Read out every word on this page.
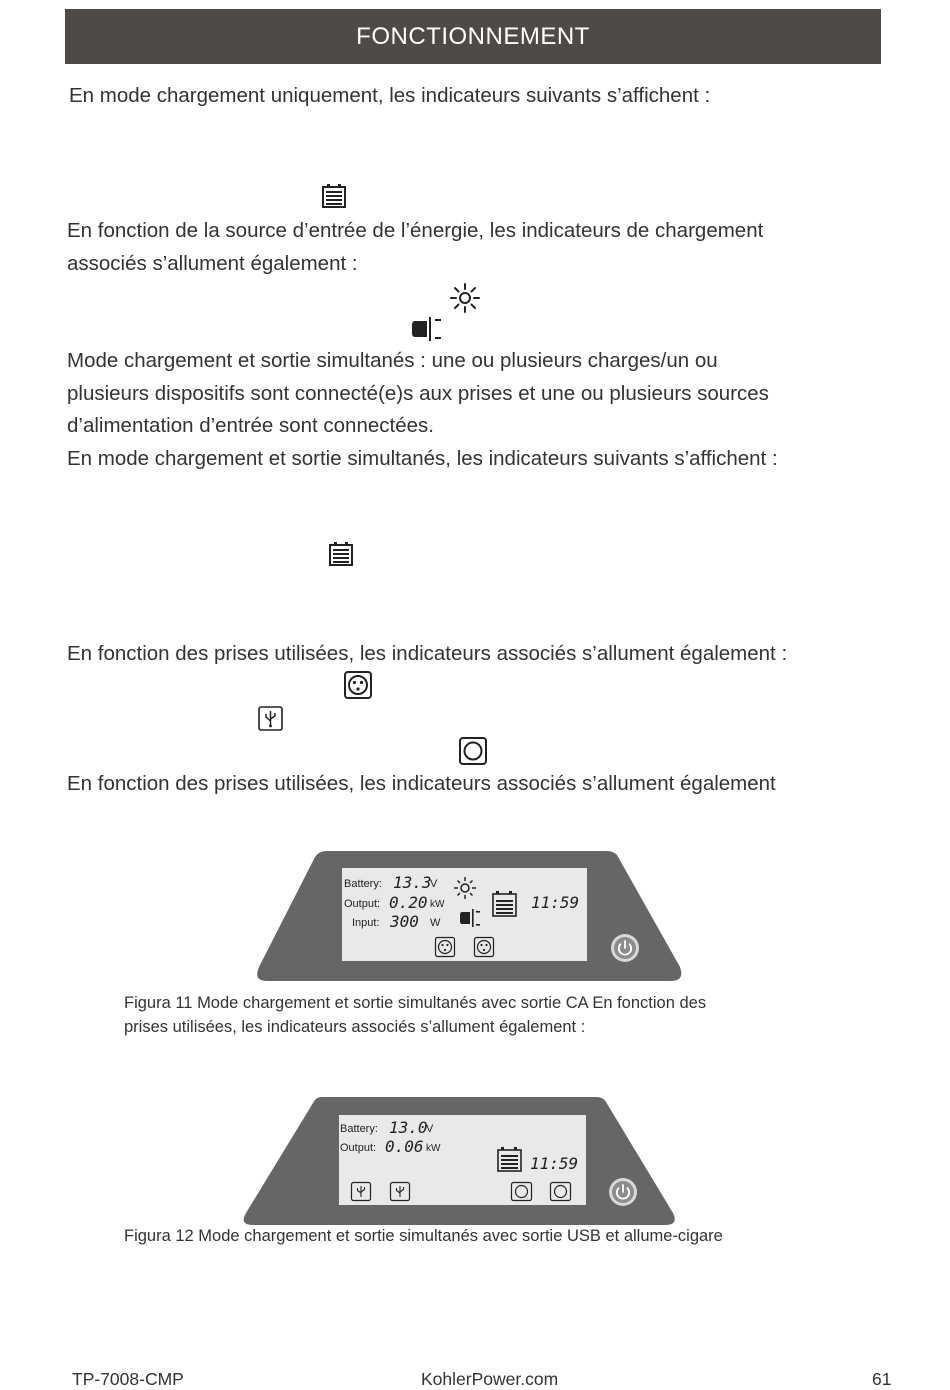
FONCTIONNEMENT
En mode chargement uniquement, les indicateurs suivants s’affichent :
En fonction de la source d’entrée de l’énergie, les indicateurs de chargement
associés s’allument également :
Mode chargement et sortie simultanés : une ou plusieurs charges/un ou
plusieurs dispositifs sont connecté(e)s aux prises et une ou plusieurs sources
d’alimentation d’entrée sont connectées.
En mode chargement et sortie simultanés, les indicateurs suivants s’affichent :
En fonction des prises utilisées, les indicateurs associés s’allument également :
En fonction des prises utilisées, les indicateurs associés s’allument également
Battery: 13.3
V
Output: 0.20 kW
Input: 300 W
11:59
Figura 11 Mode chargement et sortie simultanés avec sortie CA En fonction des
prises utilisées, les indicateurs associés s’allument également :
Battery: 13.0
V
Output: 0.06 kW
11:59
Figura 12 Mode chargement et sortie simultanés avec sortie USB et allume-cigare
TP-7008-CMP	KohlerPower.com	61
